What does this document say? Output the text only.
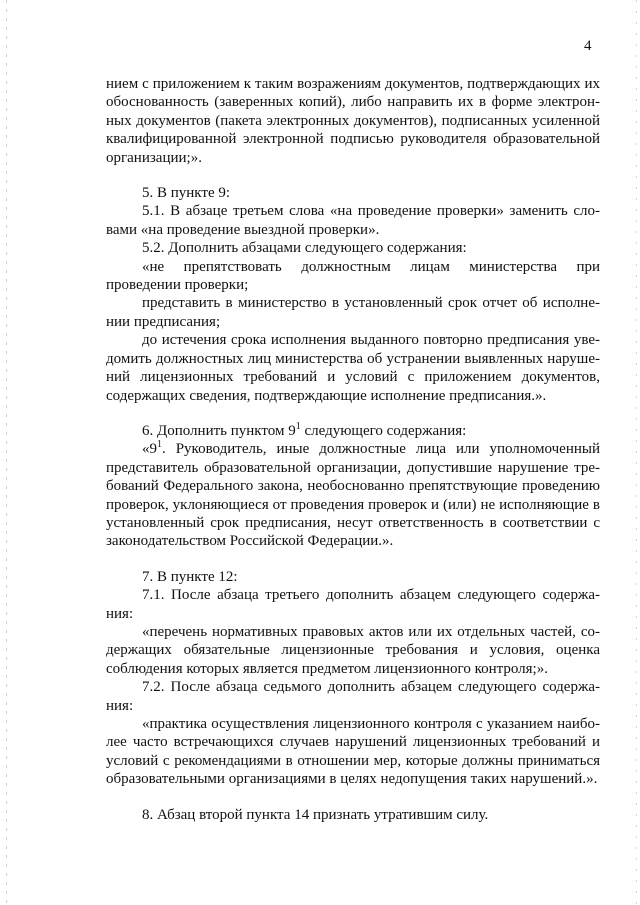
4

нием с приложением к таким возражениям документов, подтверждающих их обоснованность (заверенных копий), либо направить их в форме электронных документов (пакета электронных документов), подписанных усиленной квалифицированной электронной подписью руководителя образовательной организации;».

5. В пункте 9:

5.1. В абзаце третьем слова «на проведение проверки» заменить словами «на проведение выездной проверки».

5.2. Дополнить абзацами следующего содержания:

«не препятствовать должностным лицам министерства при проведении проверки;

представить в министерство в установленный срок отчет об исполнении предписания;

до истечения срока исполнения выданного повторно предписания уведомить должностных лиц министерства об устранении выявленных нарушений лицензионных требований и условий с приложением документов, содержащих сведения, подтверждающие исполнение предписания.».

6. Дополнить пунктом $9^1$ следующего содержания:

«$9^1$. Руководитель, иные должностные лица или уполномоченный представитель образовательной организации, допустившие нарушение требований Федерального закона, необоснованно препятствующие проведению проверок, уклоняющиеся от проведения проверок и (или) не исполняющие в установленный срок предписания, несут ответственность в соответствии с законодательством Российской Федерации.».

7. В пункте 12:

7.1. После абзаца третьего дополнить абзацем следующего содержания:

«перечень нормативных правовых актов или их отдельных частей, содержащих обязательные лицензионные требования и условия, оценка соблюдения которых является предметом лицензионного контроля;».

7.2. После абзаца седьмого дополнить абзацем следующего содержания:

«практика осуществления лицензионного контроля с указанием наиболее часто встречающихся случаев нарушений лицензионных требований и условий с рекомендациями в отношении мер, которые должны приниматься образовательными организациями в целях недопущения таких нарушений.».

8. Абзац второй пункта 14 признать утратившим силу.
